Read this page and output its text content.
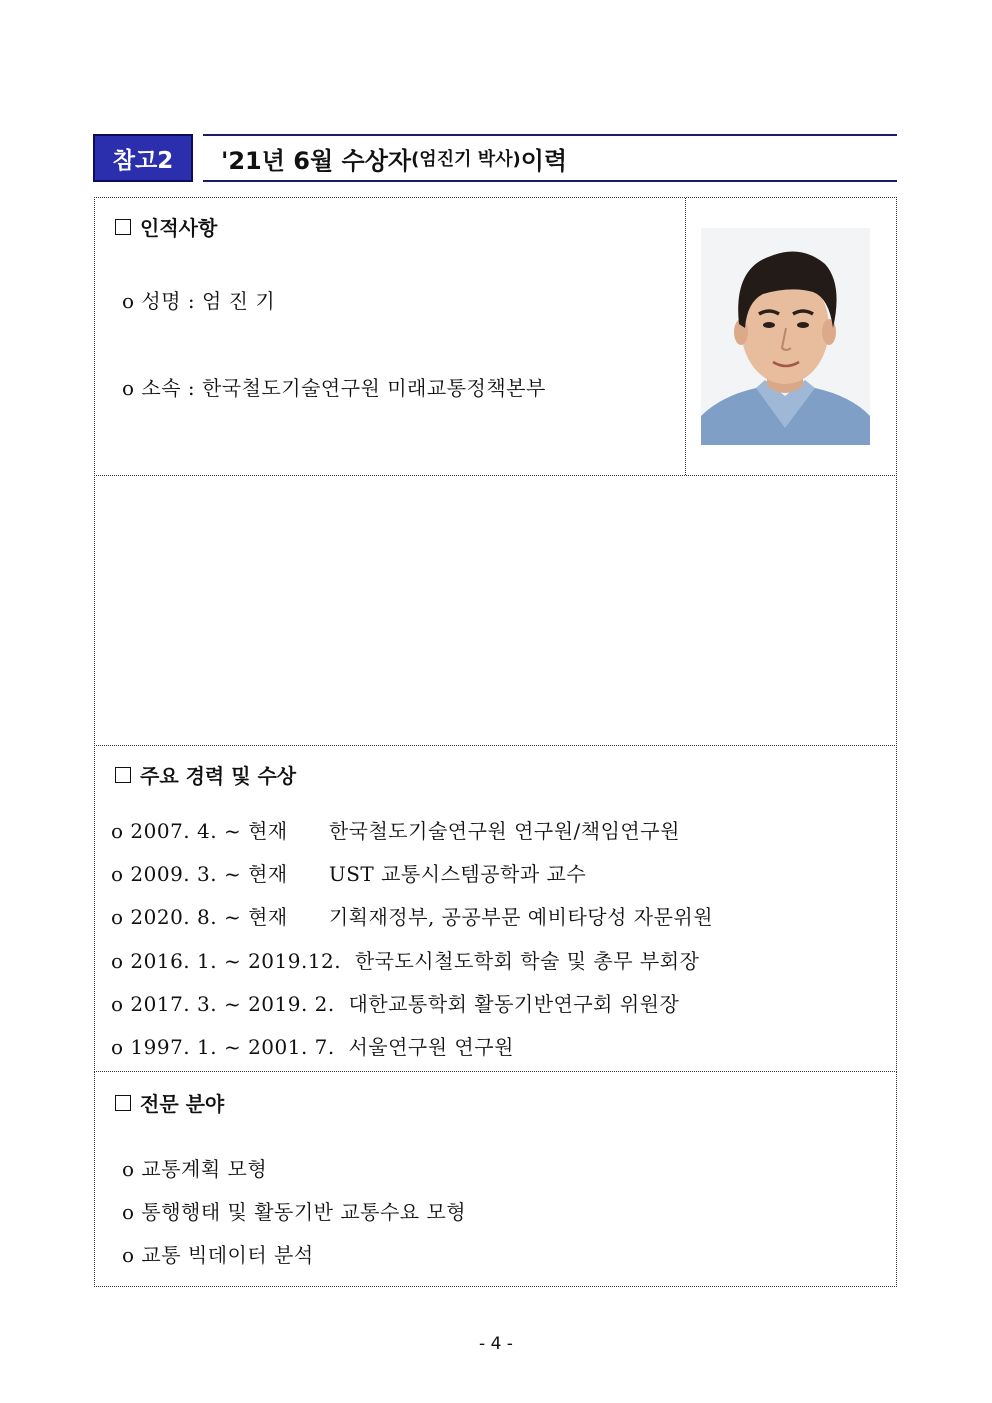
참고2	'21년 6월 수상자 (엄진기 박사) 이력
인적사항
o 성명 : 엄 진 기
o 소속 : 한국철도기술연구원 미래교통정책본부
주요 경력 및 수상
o 2007. 4. ~ 현재      한국철도기술연구원 연구원/책임연구원
o 2009. 3. ~ 현재      UST 교통시스템공학과 교수
o 2020. 8. ~ 현재      기획재정부, 공공부문 예비타당성 자문위원
o 2016. 1. ~ 2019.12.  한국도시철도학회 학술 및 총무 부회장
o 2017. 3. ~ 2019. 2.  대한교통학회 활동기반연구회 위원장
o 1997. 1. ~ 2001. 7.  서울연구원 연구원
전문 분야
o 교통계획 모형
o 통행행태 및 활동기반 교통수요 모형
o 교통 빅데이터 분석
- 4 -
